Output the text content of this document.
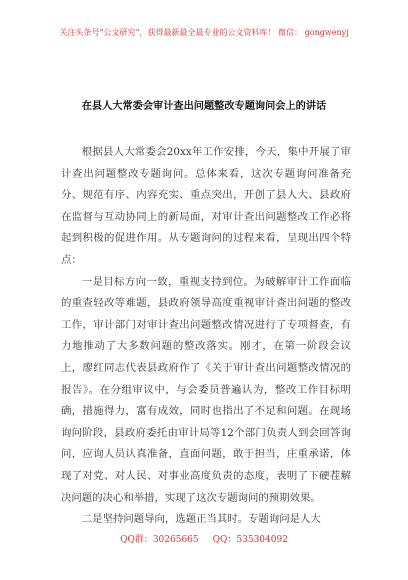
关注头条号“公文研究”，获得最新最全最专业的公文资料库！ 微信： gongwenyj
在县人大常委会审计查出问题整改专题询问会上的讲话

根据县人大常委会20xx年工作安排，今天，集中开展了审计查出问题整改专题询问。总体来看，这次专题询问准备充分、规范有序、内容充实、重点突出，开创了县人大、县政府在监督与互动协同上的新局面，对审计查出问题整改工作必将起到积极的促进作用。从专题询问的过程来看，呈现出四个特点：

一是目标方向一致，重视支持到位。为破解审计工作面临的重查轻改等难题，县政府领导高度重视审计查出问题的整改工作，审计部门对审计查出问题整改情况进行了专项督查，有力地推动了大多数问题的整改落实。刚才，在第一阶段会议上，廖红同志代表县政府作了《关于审计查出问题整改情况的报告》。在分组审议中，与会委员普遍认为，整改工作目标明确，措施得力，富有成效，同时也指出了不足和问题。在现场询问阶段，县政府委托由审计局等12个部门负责人到会回答询问，应询人员认真准备，直面问题，敢于担当，庄重承诺，体现了对党、对人民、对事业高度负责的态度，表明了下硬茬解决问题的决心和举措，实现了这次专题询问的预期效果。

二是坚持问题导向，选题正当其时。专题询问是人大

QQ群：30265665 QQ：535304092
